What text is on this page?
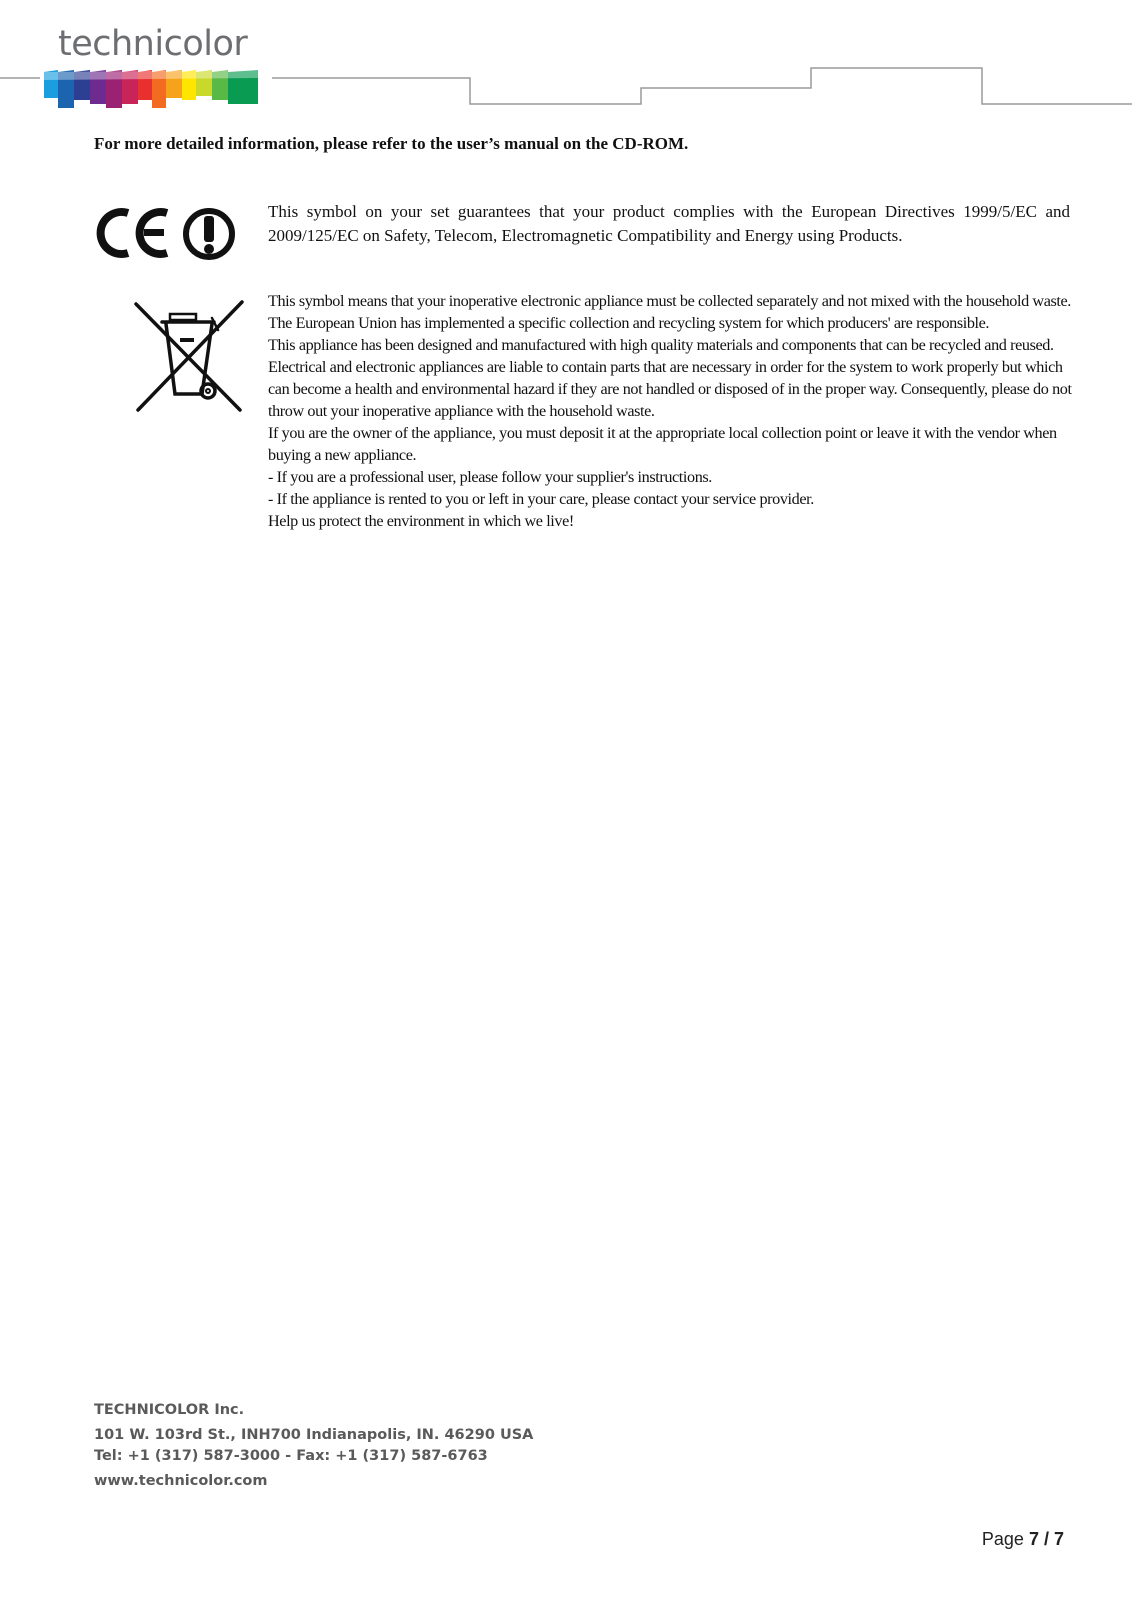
technicolor
For more detailed information, please refer to the user’s manual on the CD-ROM.
This symbol on your set guarantees that your product complies with the European Directives 1999/5/EC and 2009/125/EC on Safety, Telecom, Electromagnetic Compatibility and Energy using Products.

This symbol means that your inoperative electronic appliance must be collected separately and not mixed with the household waste. The European Union has implemented a specific collection and recycling system for which producers' are responsible.

This appliance has been designed and manufactured with high quality materials and components that can be recycled and reused. Electrical and electronic appliances are liable to contain parts that are necessary in order for the system to work properly but which can become a health and environmental hazard if they are not handled or disposed of in the proper way. Consequently, please do not throw out your inoperative appliance with the household waste.

If you are the owner of the appliance, you must deposit it at the appropriate local collection point or leave it with the vendor when buying a new appliance.

- If you are a professional user, please follow your supplier's instructions.

- If the appliance is rented to you or left in your care, please contact your service provider.

Help us protect the environment in which we live!

TECHNICOLOR Inc.
101 W. 103rd St., INH700 Indianapolis, IN. 46290 USA
Tel: +1 (317) 587-3000 - Fax: +1 (317) 587-6763
www.technicolor.com
Page 7 / 7
